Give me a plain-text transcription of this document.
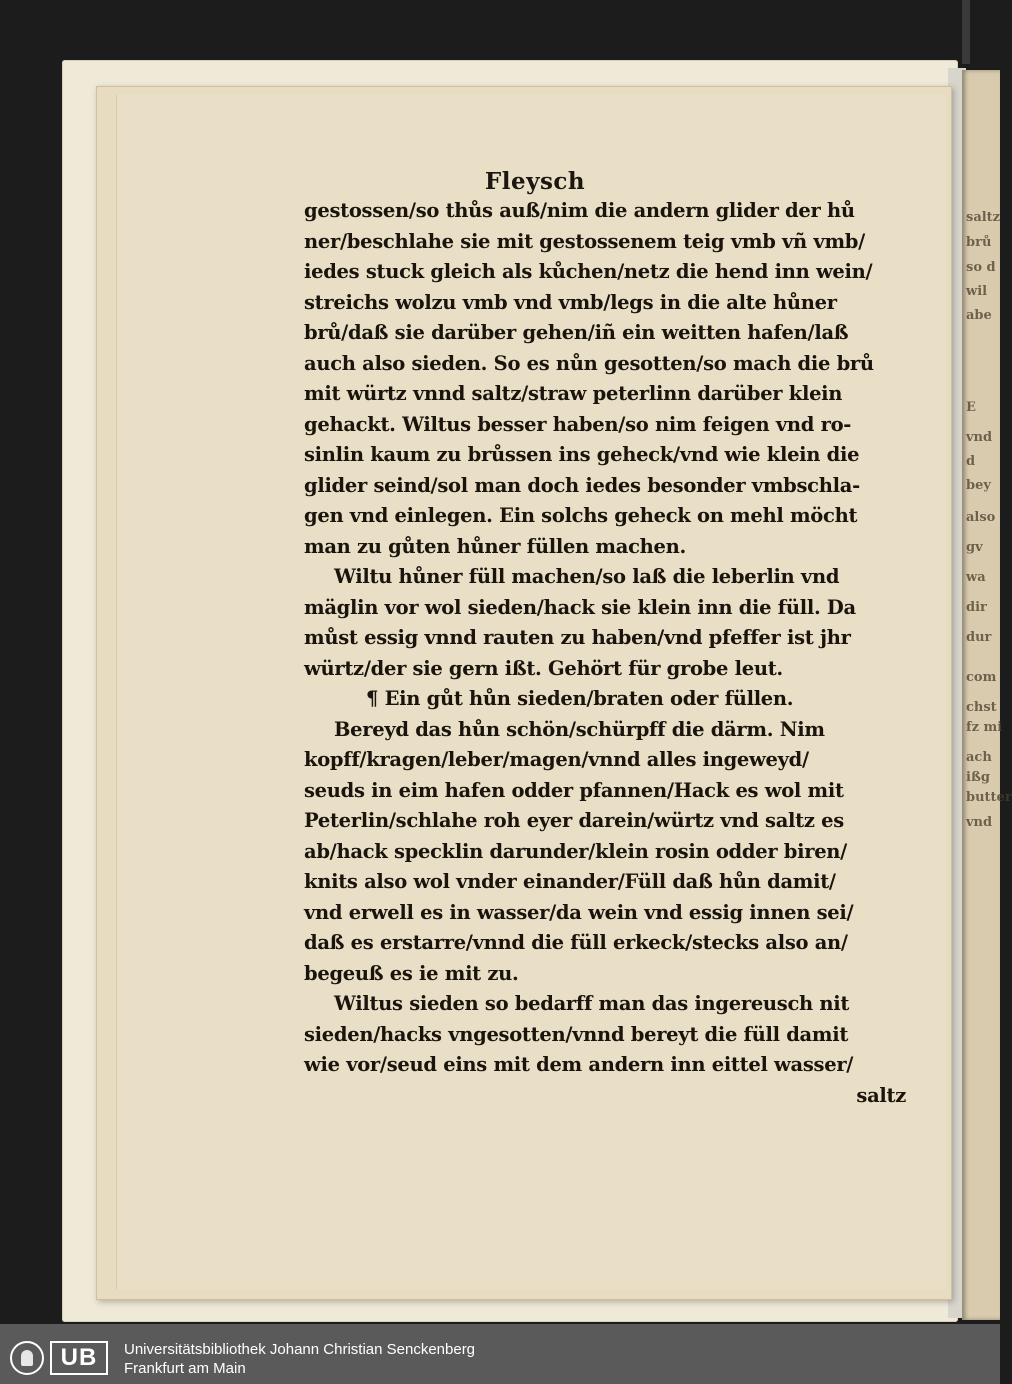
saltz
brů
so d
wil
abe
E
vnd
d
bey
also
gv
wa
dir
dur
com
chst
fz mi
ach
ißg
butter
vnd
Fleysch
gestossen/so thůs auß/nim die andern glider der hů
ner/beschlahe sie mit gestossenem teig vmb vñ vmb/
iedes stuck gleich als kůchen/netz die hend inn wein/
streichs wolzu vmb vnd vmb/legs in die alte hůner
brů/daß sie darüber gehen/iñ ein weitten hafen/laß
auch also sieden. So es nůn gesotten/so mach die brů
mit würtz vnnd saltz/straw peterlinn darüber klein
gehackt. Wiltus besser haben/so nim feigen vnd ro-
sinlin kaum zu brůssen ins geheck/vnd wie klein die
glider seind/sol man doch iedes besonder vmbschla-
gen vnd einlegen. Ein solchs geheck on mehl möcht
man zu gůten hůner füllen machen.
Wiltu hůner füll machen/so laß die leberlin vnd
mäglin vor wol sieden/hack sie klein inn die füll. Da
můst essig vnnd rauten zu haben/vnd pfeffer ist jhr
würtz/der sie gern ißt. Gehört für grobe leut.
¶ Ein gůt hůn sieden/braten oder füllen.
Bereyd das hůn schön/schürpff die därm. Nim
kopff/kragen/leber/magen/vnnd alles ingeweyd/
seuds in eim hafen odder pfannen/Hack es wol mit
Peterlin/schlahe roh eyer darein/würtz vnd saltz es
ab/hack specklin darunder/klein rosin odder biren/
knits also wol vnder einander/Füll daß hůn damit/
vnd erwell es in wasser/da wein vnd essig innen sei/
daß es erstarre/vnnd die füll erkeck/stecks also an/
begeuß es ie mit zu.
Wiltus sieden so bedarff man das ingereusch nit
sieden/hacks vngesotten/vnnd bereyt die füll damit
wie vor/seud eins mit dem andern inn eittel wasser/
saltz
UB	Universitätsbibliothek Johann Christian Senckenberg
Frankfurt am Main
